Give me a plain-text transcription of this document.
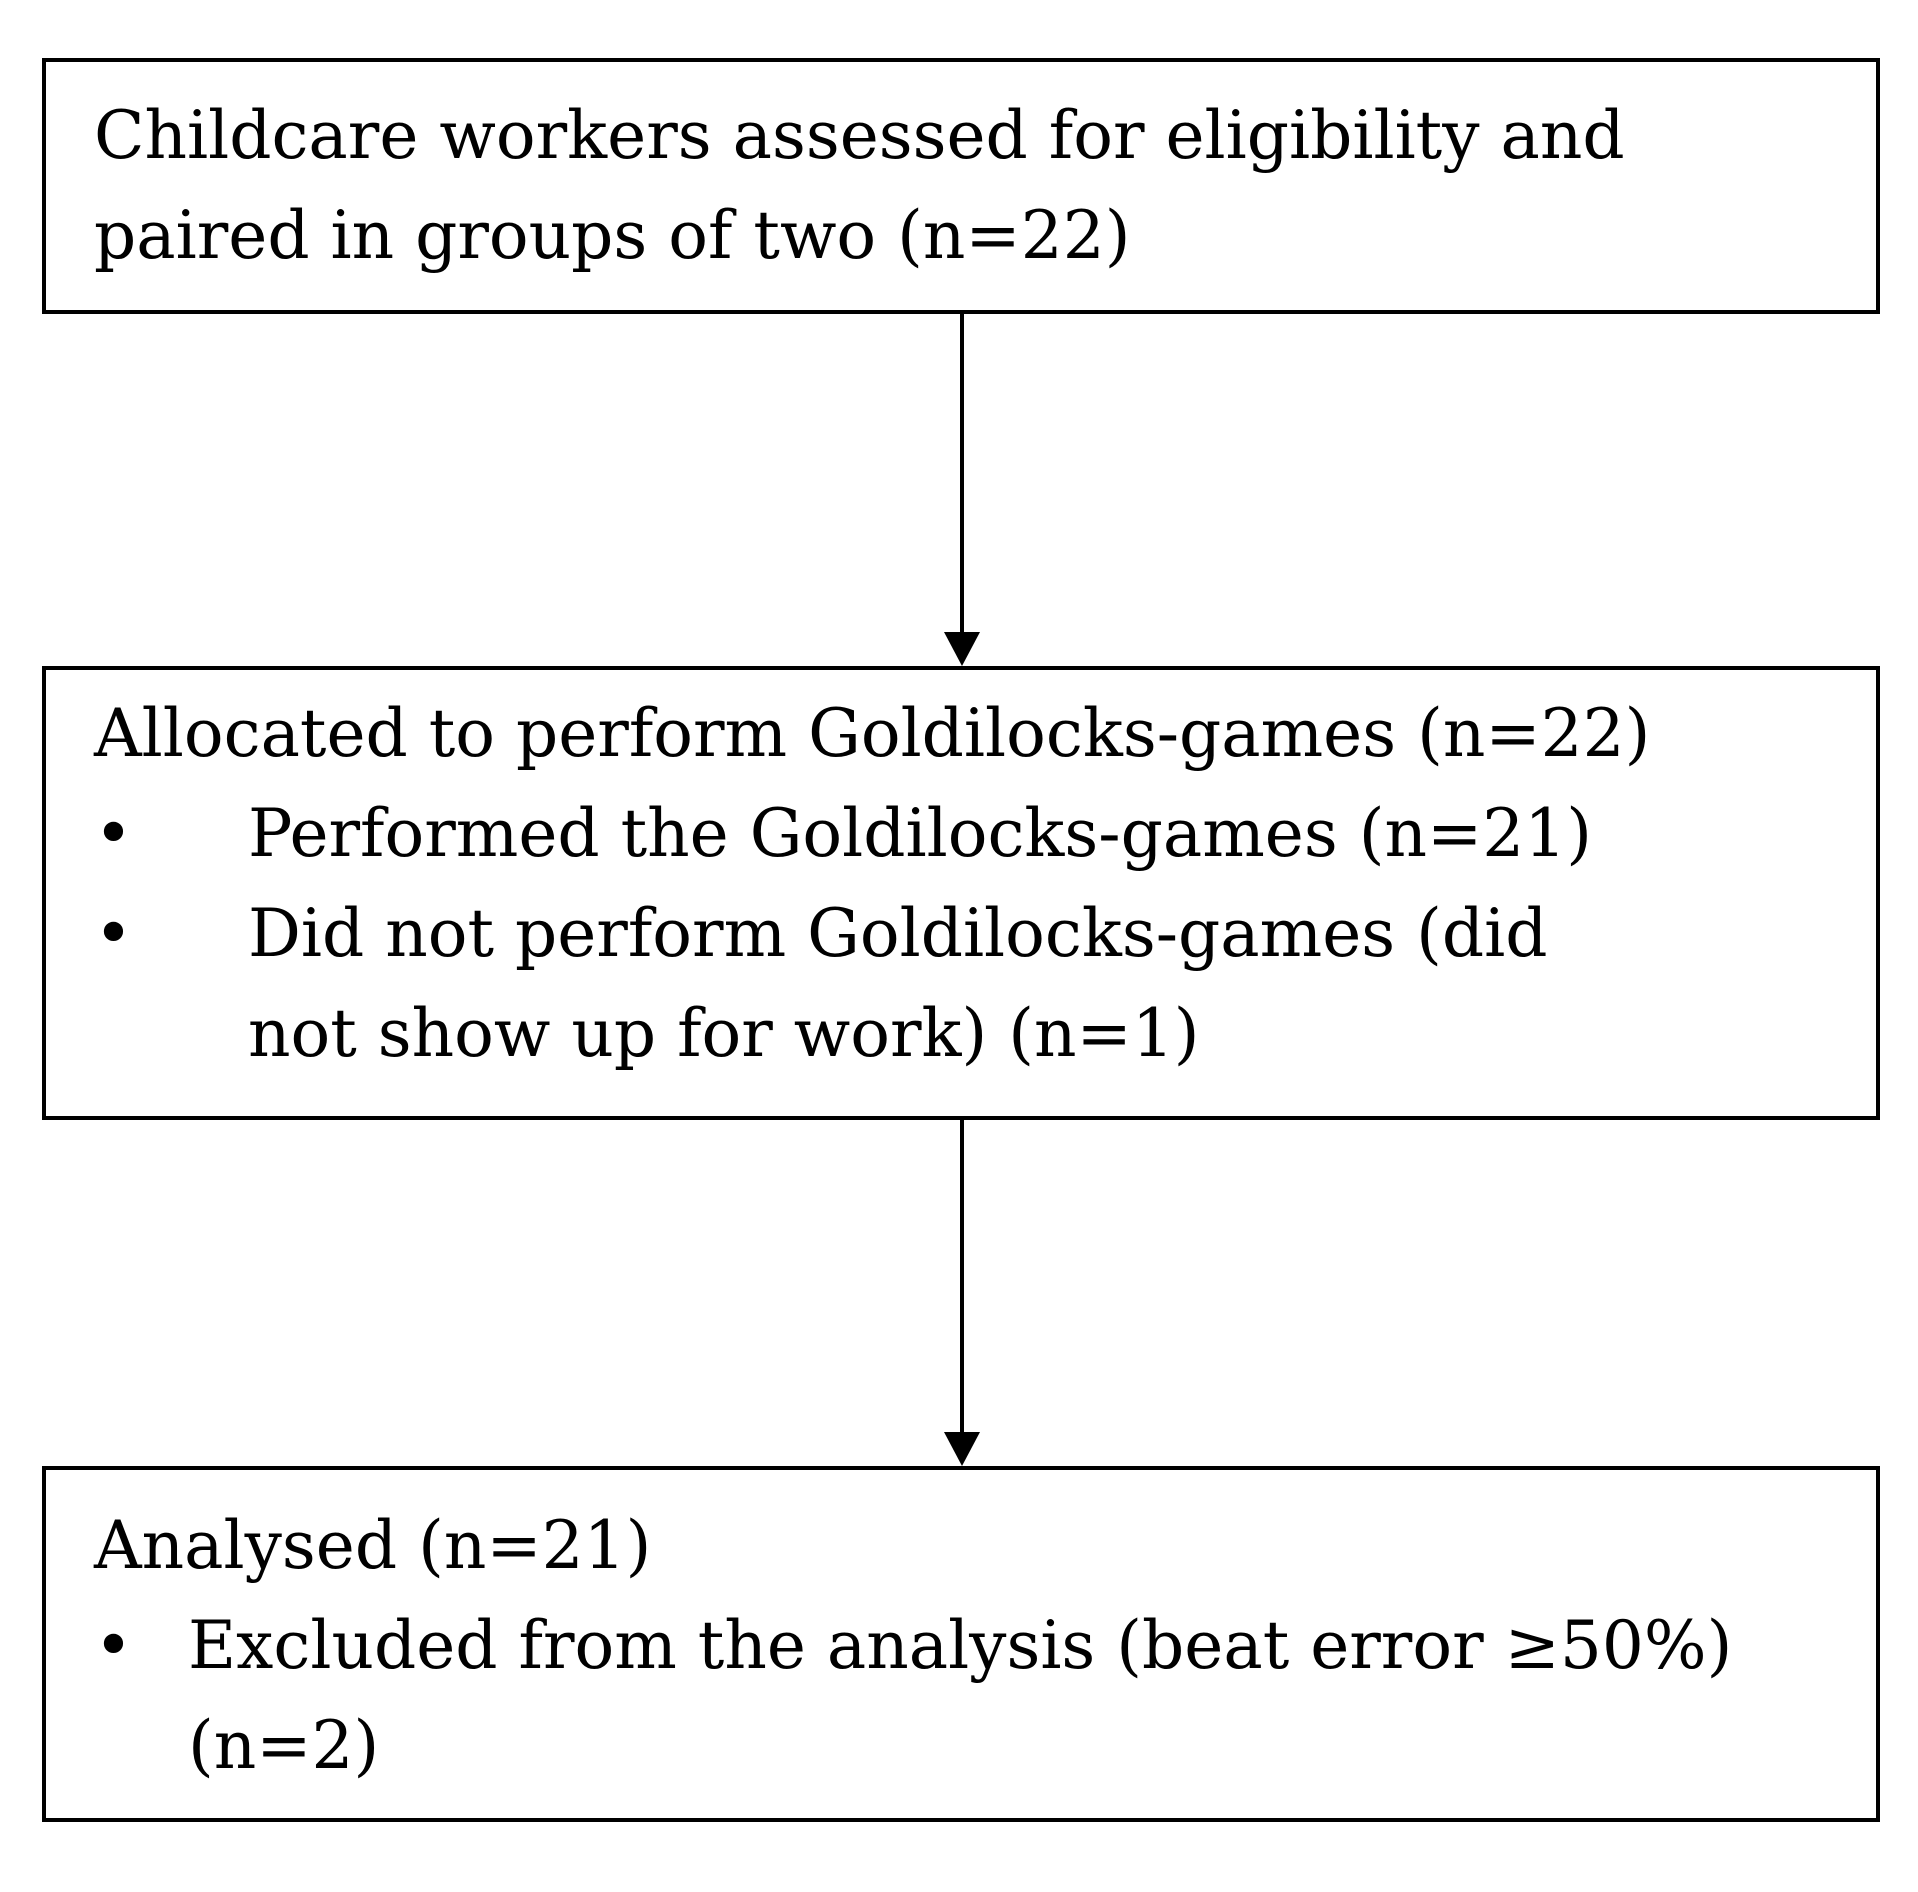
Childcare workers assessed for eligibility and
paired in groups of two (n=22)
Allocated to perform Goldilocks-games (n=22)
• Performed the Goldilocks-games (n=21)
• Did not perform Goldilocks-games (did
not show up for work) (n=1)
Analysed (n=21)
• Excluded from the analysis (beat error ≥50%)
(n=2)
